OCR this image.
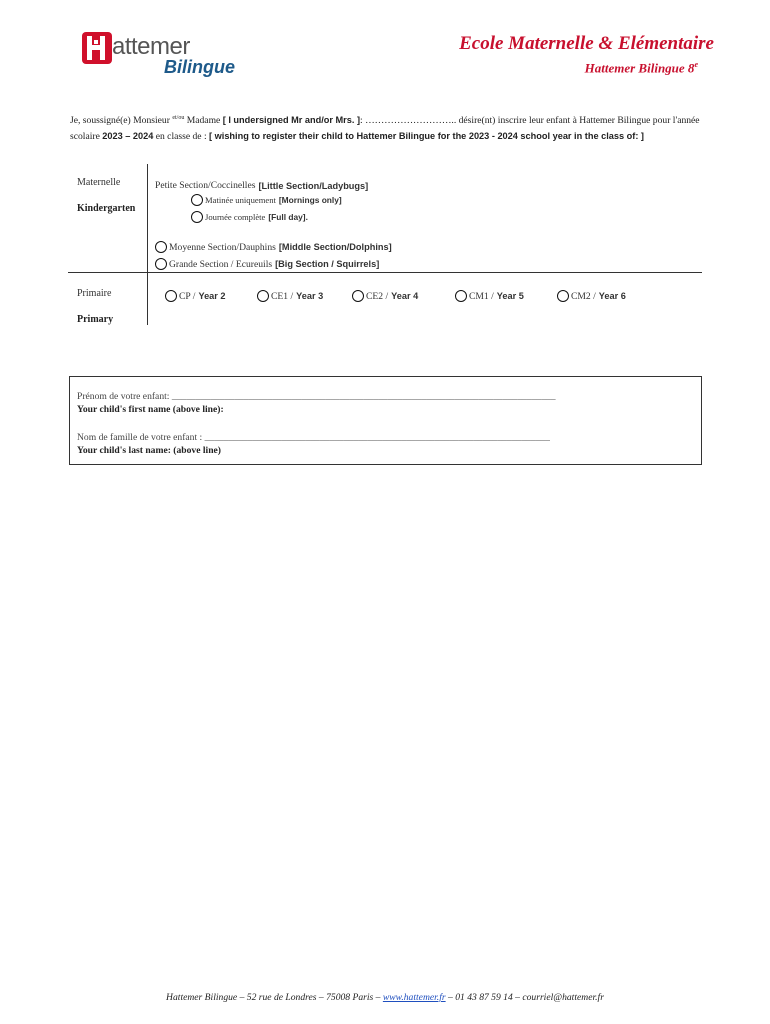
attemer
Bilingue
Ecole Maternelle & Elémentaire
Hattemer Bilingue 8e
Je, soussigné(e) Monsieur $^{et/ou}$ Madame [ I undersigned Mr and/or Mrs. ]: ……………………….. désire(nt) inscrire leur enfant à Hattemer Bilingue pour l'année scolaire 2023 – 2024 en classe de : [ wishing to register their child to Hattemer Bilingue for the 2023 - 2024 school year in the class of: ]
Maternelle
Kindergarten
Petite Section/Coccinelles [Little Section/Ladybugs]
Matinée uniquement [Mornings only]
Journée complète [Full day].
Moyenne Section/Dauphins [Middle Section/Dolphins]
Grande Section / Ecureuils [Big Section / Squirrels]
Primaire
Primary
CP / Year 2	CE1 / Year 3	CE2 / Year 4	CM1 / Year 5	CM2 / Year 6
Prénom de votre enfant: ________________________________________________________________________________
Your child's first name (above line):
Nom de famille de votre enfant : ________________________________________________________________________
Your child's last name: (above line)
Hattemer Bilingue – 52 rue de Londres – 75008 Paris – www.hattemer.fr – 01 43 87 59 14 – courriel@hattemer.fr
